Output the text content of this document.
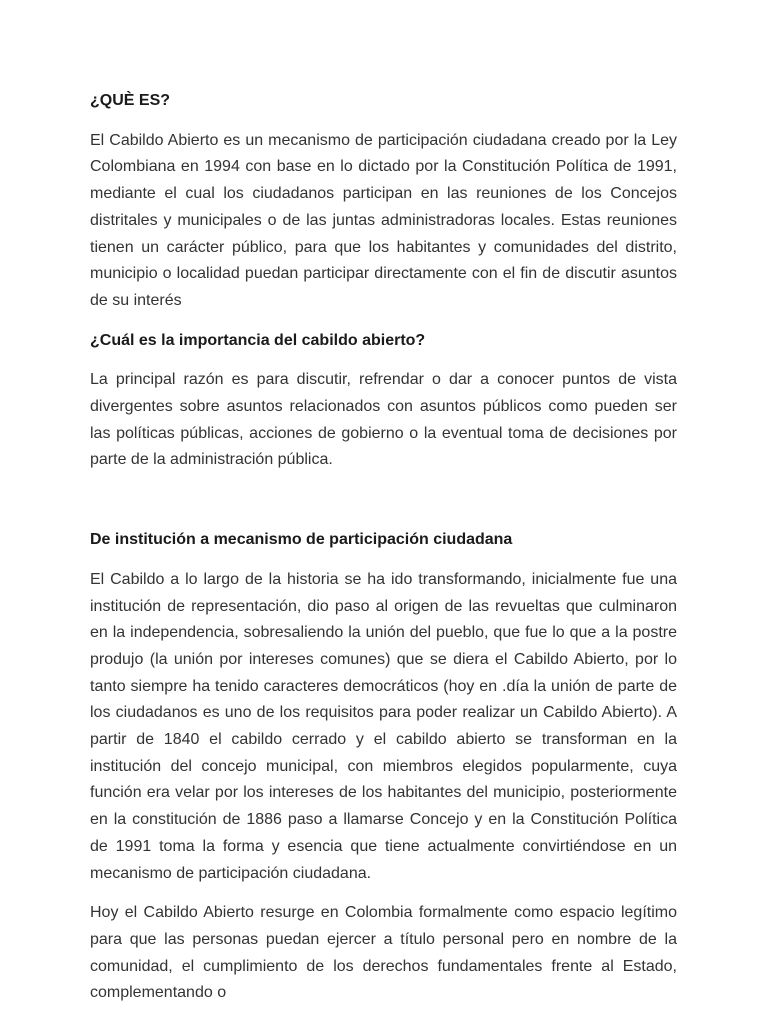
¿QUÈ ES?

El Cabildo Abierto es un mecanismo de participación ciudadana creado por la Ley Colombiana en 1994 con base en lo dictado por la Constitución Política de 1991, mediante el cual los ciudadanos participan en las reuniones de los Concejos distritales y municipales o de las juntas administradoras locales. Estas reuniones tienen un carácter público, para que los habitantes y comunidades del distrito, municipio o localidad puedan participar directamente con el fin de discutir asuntos de su interés

¿Cuál es la importancia del cabildo abierto?

La principal razón es para discutir, refrendar o dar a conocer puntos de vista divergentes sobre asuntos relacionados con asuntos públicos como pueden ser las políticas públicas, acciones de gobierno o la eventual toma de decisiones por parte de la administración pública.

De institución a mecanismo de participación ciudadana

El Cabildo a lo largo de la historia se ha ido transformando, inicialmente fue una institución de representación, dio paso al origen de las revueltas que culminaron en la independencia, sobresaliendo la unión del pueblo, que fue lo que a la postre produjo (la unión por intereses comunes) que se diera el Cabildo Abierto, por lo tanto siempre ha tenido caracteres democráticos (hoy en .día la unión de parte de los ciudadanos es uno de los requisitos para poder realizar un Cabildo Abierto). A partir de 1840 el cabildo cerrado y el cabildo abierto se transforman en la institución del concejo municipal, con miembros elegidos popularmente, cuya función era velar por los intereses de los habitantes del municipio, posteriormente en la constitución de 1886 paso a llamarse Concejo y en la Constitución Política de 1991 toma la forma y esencia que tiene actualmente convirtiéndose en un mecanismo de participación ciudadana.

Hoy el Cabildo Abierto resurge en Colombia formalmente como espacio legítimo para que las personas puedan ejercer a título personal pero en nombre de la comunidad, el cumplimiento de los derechos fundamentales frente al Estado, complementando o
